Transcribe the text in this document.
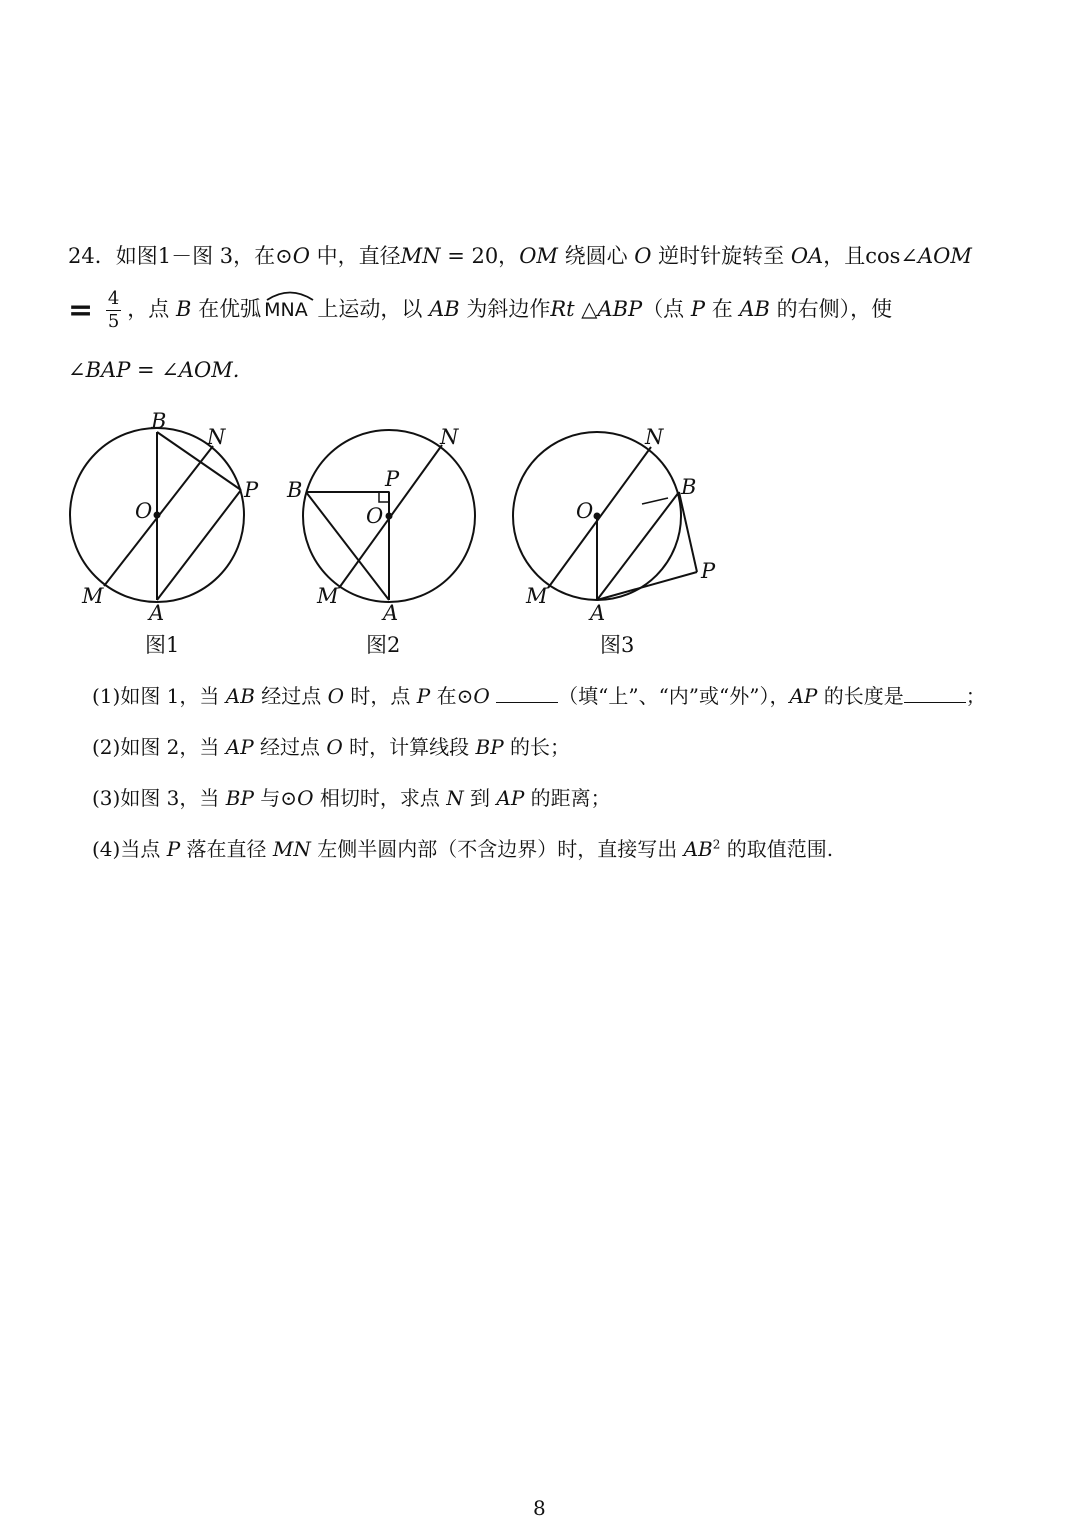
24．如图1－图 3，在⊙O 中，直径MN = 20，OM 绕圆心 O 逆时针旋转至 OA，且cos∠AOM
= $\frac{4}{5}$ ，点 B 在优弧 MNA 上运动，以 AB 为斜边作Rt △ABP（点 P 在 AB 的右侧），使
∠BAP = ∠AOM.
B
N
P
O
M
A
B
N
P
O
M
A
B
N
P
O
M
A
图1	图2	图3
(1)如图 1，当 AB 经过点 O 时，点 P 在⊙O	（填“上”、“内”或“外”），AP 的长度是	；
(2)如图 2，当 AP 经过点 O 时，计算线段 BP 的长；
(3)如图 3，当 BP 与⊙O 相切时，求点 N 到 AP 的距离；
(4)当点 P 落在直径 MN 左侧半圆内部（不含边界）时，直接写出 $AB^2$ 的取值范围.
8
